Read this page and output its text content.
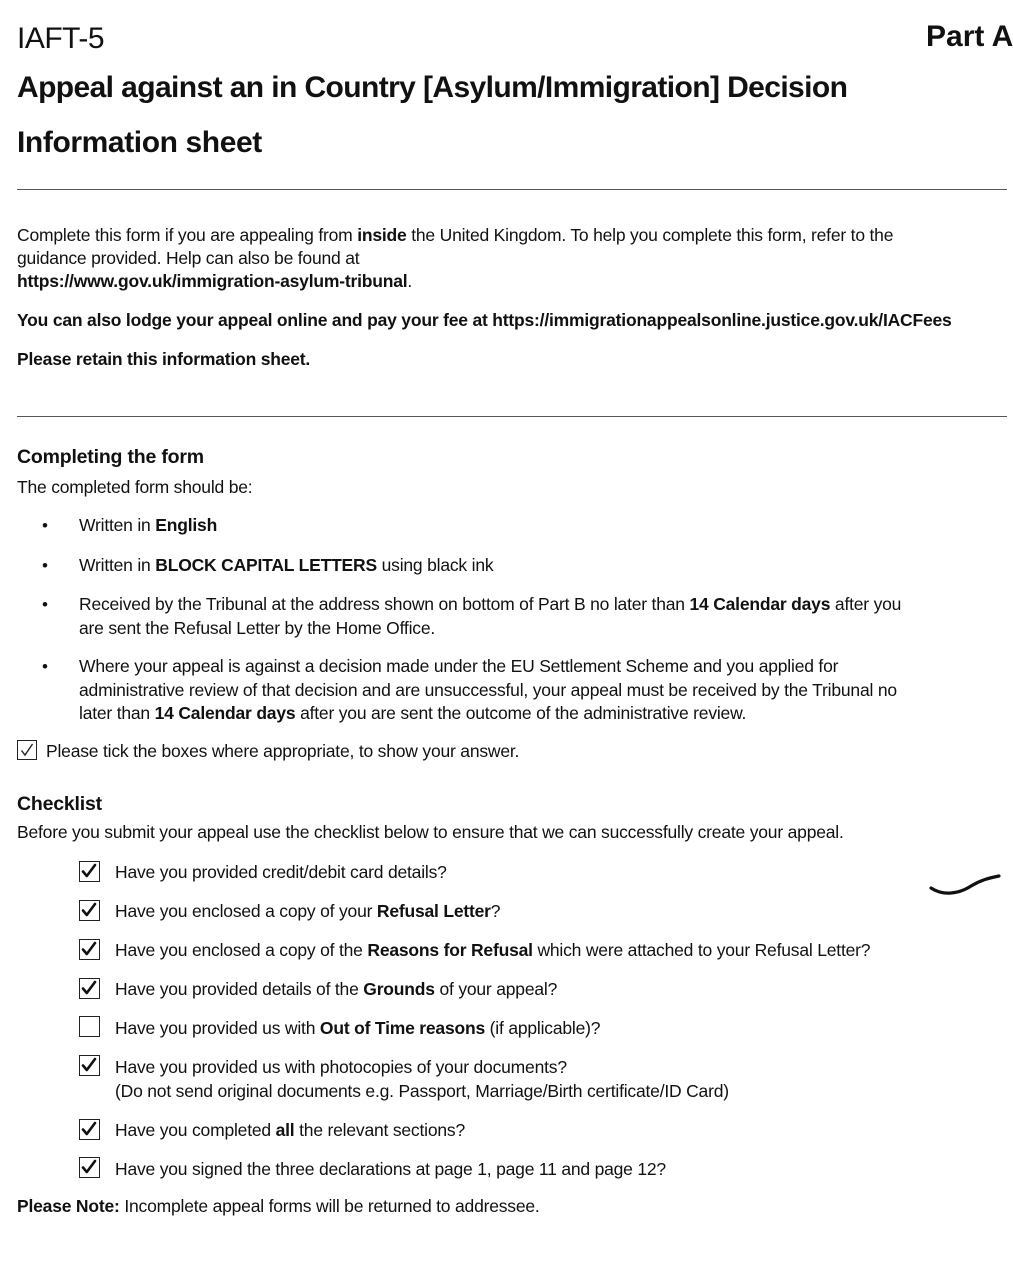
IAFT-5	Part A
Appeal against an in Country [Asylum/Immigration] Decision
Information sheet
Complete this form if you are appealing from inside the United Kingdom. To help you complete this form, refer to the
guidance provided. Help can also be found at
https://www.gov.uk/immigration-asylum-tribunal.
You can also lodge your appeal online and pay your fee at https://immigrationappealsonline.justice.gov.uk/IACFees
Please retain this information sheet.
Completing the form
The completed form should be:
• Written in English
• Written in BLOCK CAPITAL LETTERS using black ink
• Received by the Tribunal at the address shown on bottom of Part B no later than 14 Calendar days after you are sent the Refusal Letter by the Home Office.
• Where your appeal is against a decision made under the EU Settlement Scheme and you applied for administrative review of that decision and are unsuccessful, your appeal must be received by the Tribunal no later than 14 Calendar days after you are sent the outcome of the administrative review.
Please tick the boxes where appropriate, to show your answer.
Checklist
Before you submit your appeal use the checklist below to ensure that we can successfully create your appeal.
Have you provided credit/debit card details?
Have you enclosed a copy of your Refusal Letter?
Have you enclosed a copy of the Reasons for Refusal which were attached to your Refusal Letter?
Have you provided details of the Grounds of your appeal?
Have you provided us with Out of Time reasons (if applicable)?
Have you provided us with photocopies of your documents?
(Do not send original documents e.g. Passport, Marriage/Birth certificate/ID Card)
Have you completed all the relevant sections?
Have you signed the three declarations at page 1, page 11 and page 12?
Please Note: Incomplete appeal forms will be returned to addressee.
